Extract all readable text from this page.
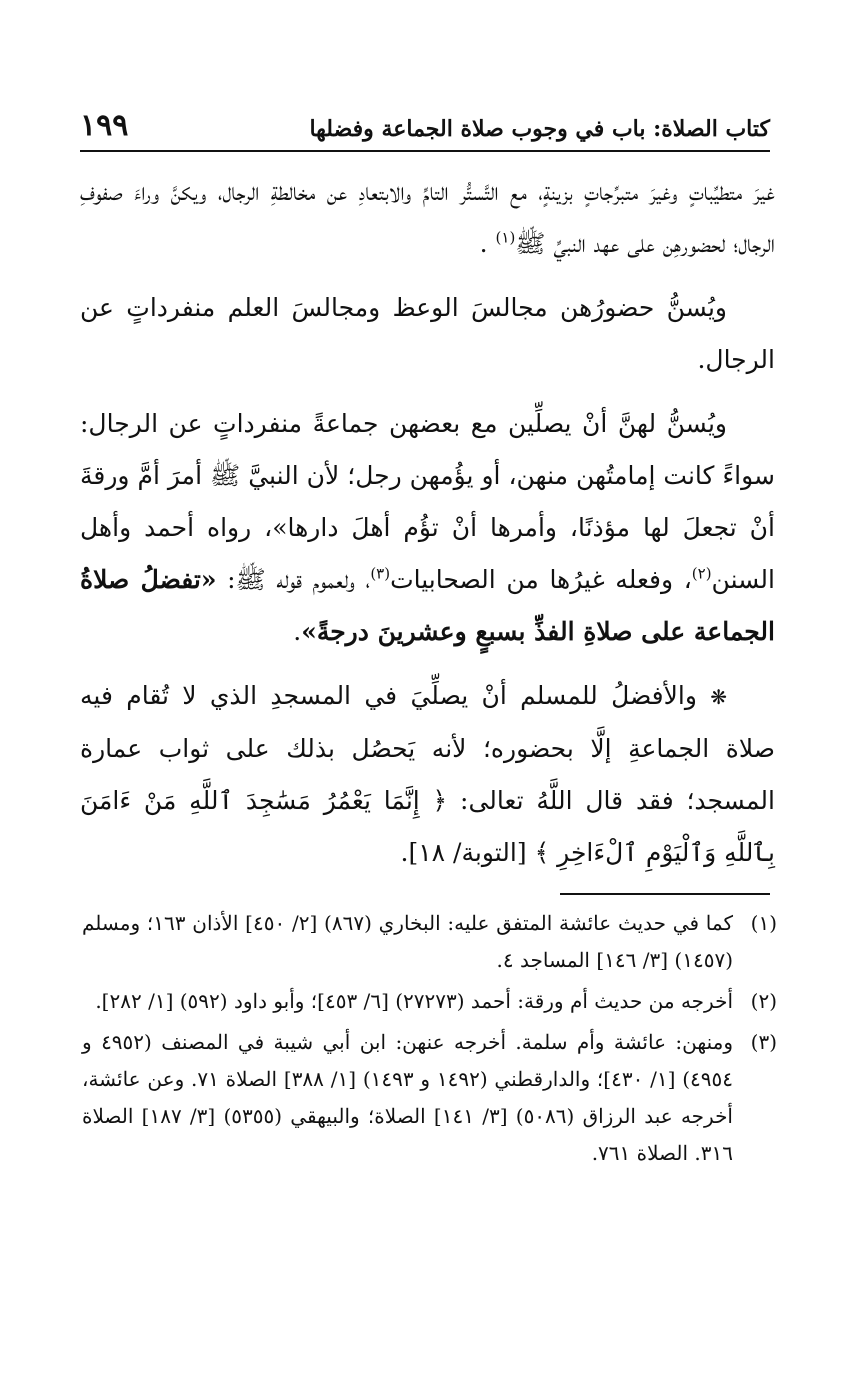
كتاب الصلاة: باب في وجوب صلاة الجماعة وفضلها
١٩٩

غيرَ متطيِّباتٍ وغيرَ متبرِّجاتٍ بزينةٍ، مع التَّستُّر التامِّ والابتعادِ عن مخالطةِ الرجال، ويكنَّ وراءَ صفوفِ الرجال؛ لحضورهِن على عهد النبيِّ ﷺ$^{(١)}$ .

ويُسنُّ حضورُهن مجالسَ الوعظ ومجالسَ العلم منفرداتٍ عن الرجال.

ويُسنُّ لهنَّ أنْ يصلِّين مع بعضهن جماعةً منفرداتٍ عن الرجال: سواءً كانت إمامتُهن منهن، أو يؤُمهن رجل؛ لأن النبيَّ ﷺ أمرَ أمَّ ورقةَ أنْ تجعلَ لها مؤذنًا، وأمرها أنْ تؤُم أهلَ دارها»، رواه أحمد وأهل السنن$^{(٢)}$، وفعله غيرُها من الصحابيات$^{(٣)}$، ولعموم قوله ﷺ: «تفضلُ صلاةُ الجماعة على صلاةِ الفذِّ بسبعٍ وعشرينَ درجةً».

❋ والأفضلُ للمسلم أنْ يصلِّيَ في المسجدِ الذي لا تُقام فيه صلاة الجماعةِ إلَّا بحضوره؛ لأنه يَحصُل بذلك على ثواب عمارة المسجد؛ فقد قال اللَّهُ تعالى: ﴿ إِنَّمَا يَعْمُرُ مَسَٰجِدَ ٱللَّهِ مَنْ ءَامَنَ بِٱللَّهِ وَٱلْيَوْمِ ٱلْءَاخِرِ ﴾ [التوبة/ ١٨].

(١)
كما في حديث عائشة المتفق عليه: البخاري (٨٦٧) [٢/ ٤٥٠] الأذان ١٦٣؛ ومسلم (١٤٥٧) [٣/ ١٤٦] المساجد ٤.
(٢)
أخرجه من حديث أم ورقة: أحمد (٢٧٢٧٣) [٦/ ٤٥٣]؛ وأبو داود (٥٩٢) [١/ ٢٨٢].
(٣)
ومنهن: عائشة وأم سلمة. أخرجه عنهن: ابن أبي شيبة في المصنف (٤٩٥٢ و ٤٩٥٤) [١/ ٤٣٠]؛ والدارقطني (١٤٩٢ و ١٤٩٣) [١/ ٣٨٨] الصلاة ٧١. وعن عائشة، أخرجه عبد الرزاق (٥٠٨٦) [٣/ ١٤١] الصلاة؛ والبيهقي (٥٣٥٥) [٣/ ١٨٧] الصلاة ٣١٦. الصلاة ٧٦١.
